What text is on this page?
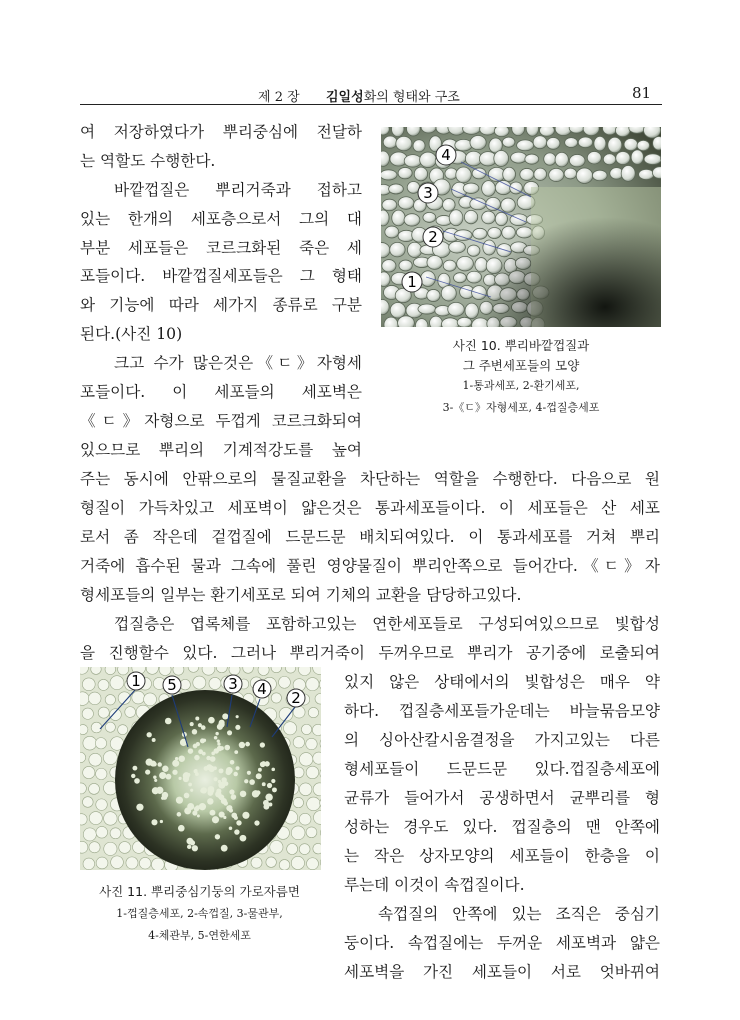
제 2 장 김일성화의 형태와 구조	81
여 저장하였다가 뿌리중심에 전달하
는 역할도 수행한다.
바깥껍질은 뿌리거죽과 접하고
있는 한개의 세포층으로서 그의 대
부분 세포들은 코르크화된 죽은 세
포들이다. 바깥껍질세포들은 그 형태
와 기능에 따라 세가지 종류로 구분
된다.(사진 10)
크고 수가 많은것은《ㄷ》자형세
포들이다. 이 세포들의 세포벽은
《ㄷ》자형으로 두껍게 코르크화되여
있으므로 뿌리의 기계적강도를 높여
주는 동시에 안팎으로의 물질교환을 차단하는 역할을 수행한다. 다음으로 원
형질이 가득차있고 세포벽이 얇은것은 통과세포들이다. 이 세포들은 산 세포
로서 좀 작은데 겉껍질에 드문드문 배치되여있다. 이 통과세포를 거쳐 뿌리
거죽에 흡수된 물과 그속에 풀린 영양물질이 뿌리안쪽으로 들어간다.《ㄷ》자
형세포들의 일부는 환기세포로 되여 기체의 교환을 담당하고있다.
껍질층은 엽록체를 포함하고있는 연한세포들로 구성되여있으므로 빛합성
을 진행할수 있다. 그러나 뿌리거죽이 두꺼우므로 뿌리가 공기중에 로출되여
있지 않은 상태에서의 빛합성은 매우 약
하다. 껍질층세포들가운데는 바늘묶음모양
의 싱아산칼시움결정을 가지고있는 다른
형세포들이 드문드문 있다.껍질층세포에
균류가 들어가서 공생하면서 균뿌리를 형
성하는 경우도 있다. 껍질층의 맨 안쪽에
는 작은 상자모양의 세포들이 한층을 이
루는데 이것이 속껍질이다.
속껍질의 안쪽에 있는 조직은 중심기
둥이다. 속껍질에는 두꺼운 세포벽과 얇은
세포벽을 가진 세포들이 서로 엇바뀌여
4
3
2
1
사진 10. 뿌리바깥껍질과
그 주변세포들의 모양
1-통과세포, 2-환기세포,
3-《ㄷ》자형세포, 4-껍질층세포
1 5	3 4 2
사진 11. 뿌리중심기둥의 가로자름면
1-껍질층세포, 2-속껍질, 3-물관부,
4-체관부, 5-연한세포
